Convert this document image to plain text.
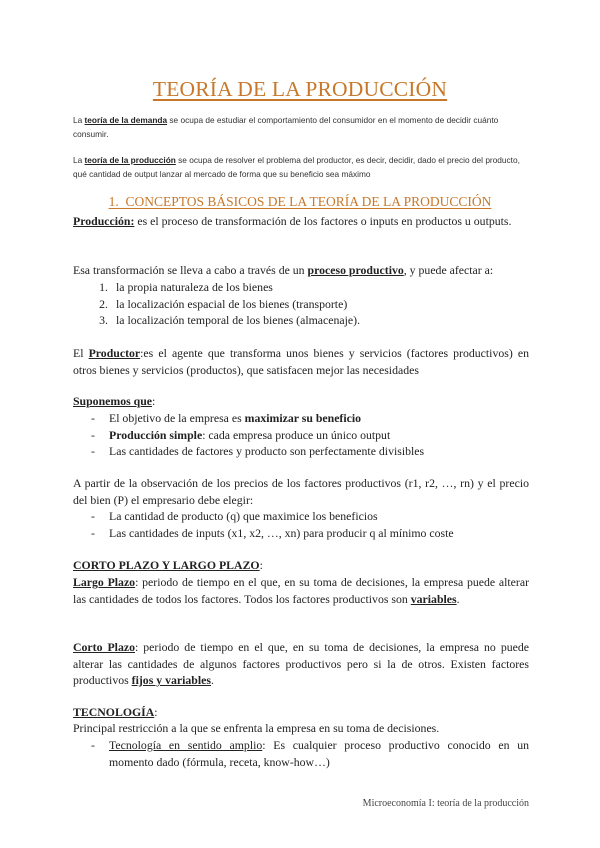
TEORÍA DE LA PRODUCCIÓN
La teoría de la demanda se ocupa de estudiar el comportamiento del consumidor en el momento de decidir cuánto consumir.
La teoría de la producción se ocupa de resolver el problema del productor, es decir, decidir, dado el precio del producto, qué cantidad de output lanzar al mercado de forma que su beneficio sea máximo
1. CONCEPTOS BÁSICOS DE LA TEORÍA DE LA PRODUCCIÓN
Producción: es el proceso de transformación de los factores o inputs en productos u outputs.
Esa transformación se lleva a cabo a través de un proceso productivo, y puede afectar a:
1. la propia naturaleza de los bienes
2. la localización espacial de los bienes (transporte)
3. la localización temporal de los bienes (almacenaje).
El Productor:es el agente que transforma unos bienes y servicios (factores productivos) en otros bienes y servicios (productos), que satisfacen mejor las necesidades
Suponemos que:
-	El objetivo de la empresa es maximizar su beneficio
-	Producción simple: cada empresa produce un único output
-	Las cantidades de factores y producto son perfectamente divisibles
A partir de la observación de los precios de los factores productivos (r1, r2, …, rn) y el precio del bien (P) el empresario debe elegir:
-	La cantidad de producto (q) que maximice los beneficios
-	Las cantidades de inputs (x1, x2, …, xn) para producir q al mínimo coste
CORTO PLAZO Y LARGO PLAZO:
Largo Plazo: periodo de tiempo en el que, en su toma de decisiones, la empresa puede alterar las cantidades de todos los factores. Todos los factores productivos son variables.
Corto Plazo: periodo de tiempo en el que, en su toma de decisiones, la empresa no puede alterar las cantidades de algunos factores productivos pero si la de otros. Existen factores productivos fijos y variables.
TECNOLOGÍA:
Principal restricción a la que se enfrenta la empresa en su toma de decisiones.
-	Tecnología en sentido amplio: Es cualquier proceso productivo conocido en un momento dado (fórmula, receta, know-how…)
Microeconomía I: teoría de la producción
